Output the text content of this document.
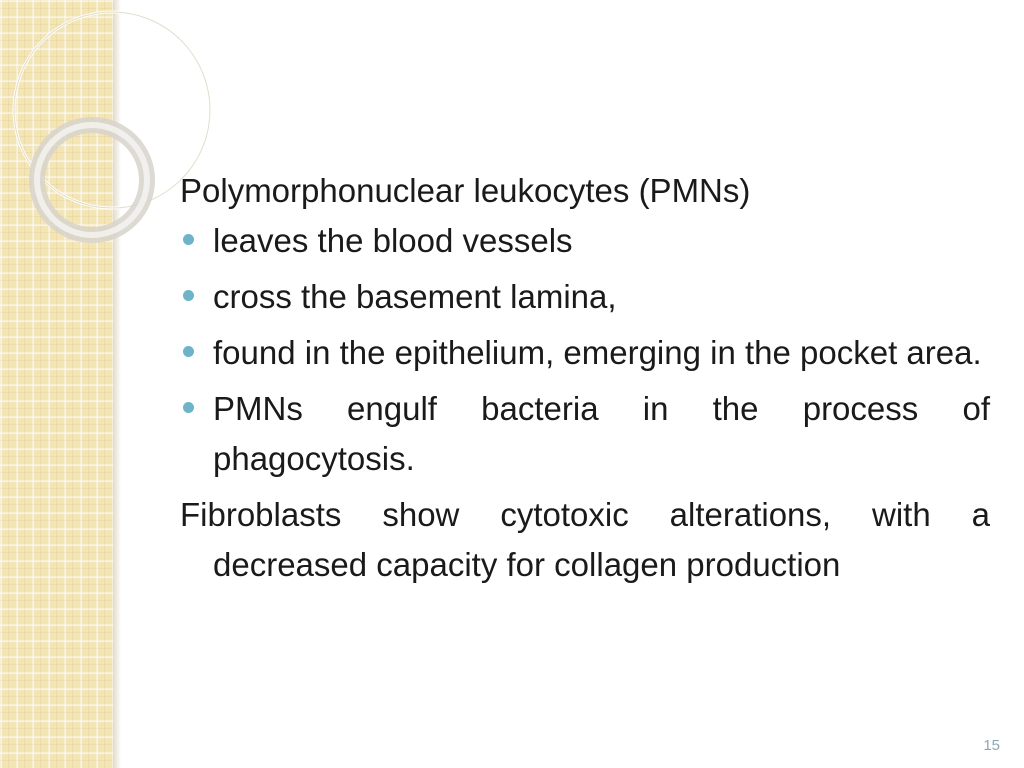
Polymorphonuclear leukocytes (PMNs)

leaves the blood vessels
cross the basement lamina,
found in the epithelium, emerging in the pocket area.
PMNs engulf bacteria in the process of phagocytosis.

Fibroblasts show cytotoxic alterations, with a decreased capacity for collagen production

15
